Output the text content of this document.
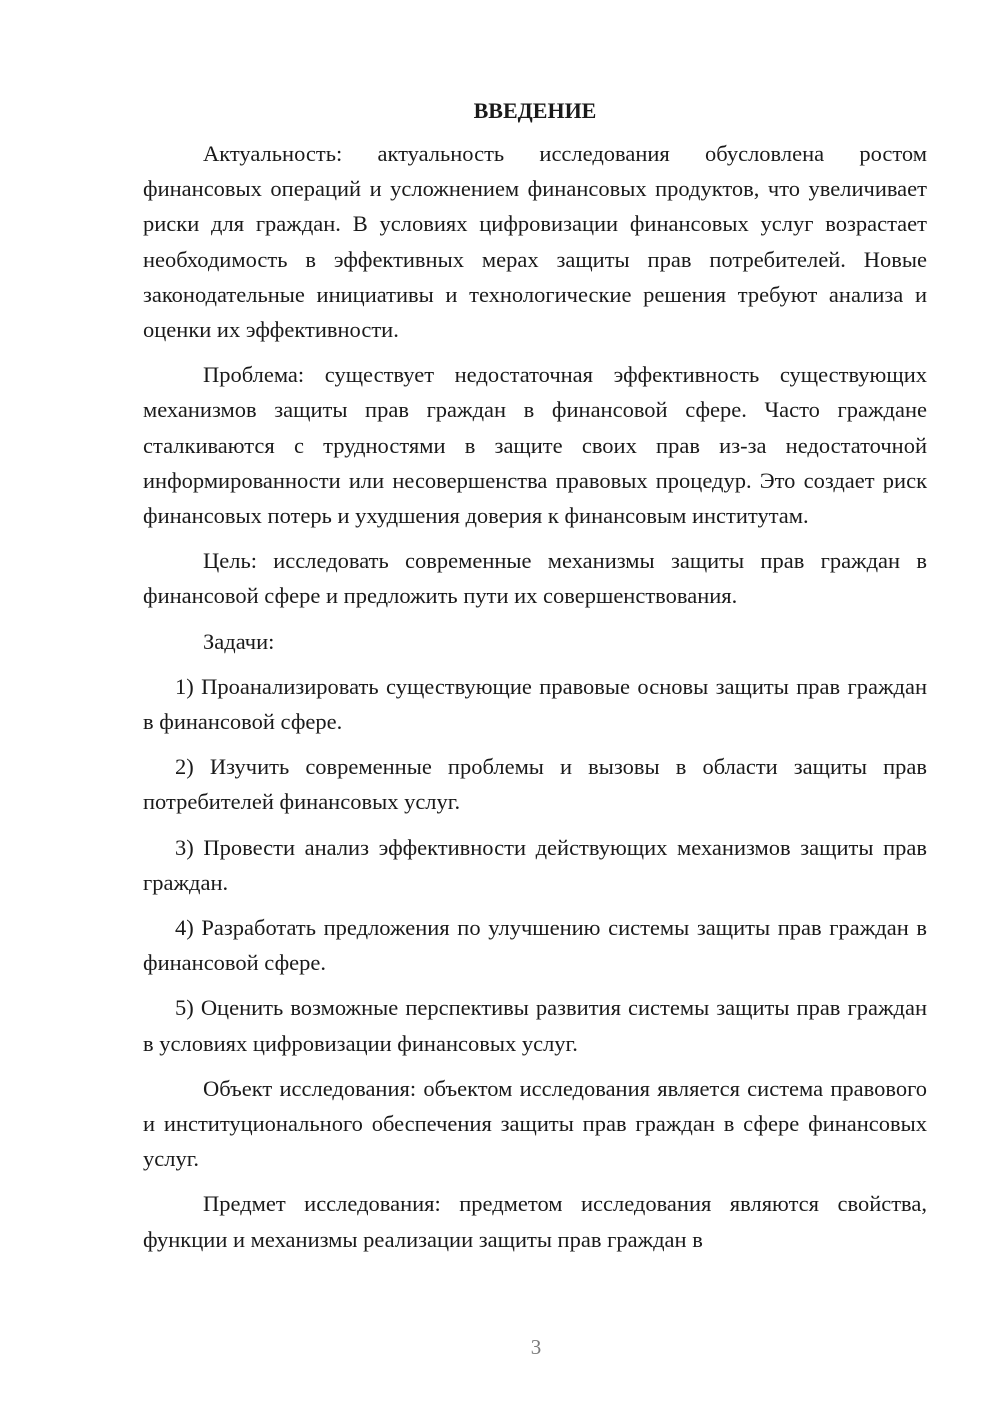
ВВЕДЕНИЕ

Актуальность: актуальность исследования обусловлена ростом финансовых операций и усложнением финансовых продуктов, что увеличивает риски для граждан. В условиях цифровизации финансовых услуг возрастает необходимость в эффективных мерах защиты прав потребителей. Новые законодательные инициативы и технологические решения требуют анализа и оценки их эффективности.

Проблема: существует недостаточная эффективность существующих механизмов защиты прав граждан в финансовой сфере. Часто граждане сталкиваются с трудностями в защите своих прав из-за недостаточной информированности или несовершенства правовых процедур. Это создает риск финансовых потерь и ухудшения доверия к финансовым институтам.

Цель: исследовать современные механизмы защиты прав граждан в финансовой сфере и предложить пути их совершенствования.

Задачи:

1) Проанализировать существующие правовые основы защиты прав граждан в финансовой сфере.

2) Изучить современные проблемы и вызовы в области защиты прав потребителей финансовых услуг.

3) Провести анализ эффективности действующих механизмов защиты прав граждан.

4) Разработать предложения по улучшению системы защиты прав граждан в финансовой сфере.

5) Оценить возможные перспективы развития системы защиты прав граждан в условиях цифровизации финансовых услуг.

Объект исследования: объектом исследования является система правового и институционального обеспечения защиты прав граждан в сфере финансовых услуг.

Предмет исследования: предметом исследования являются свойства, функции и механизмы реализации защиты прав граждан в

3
